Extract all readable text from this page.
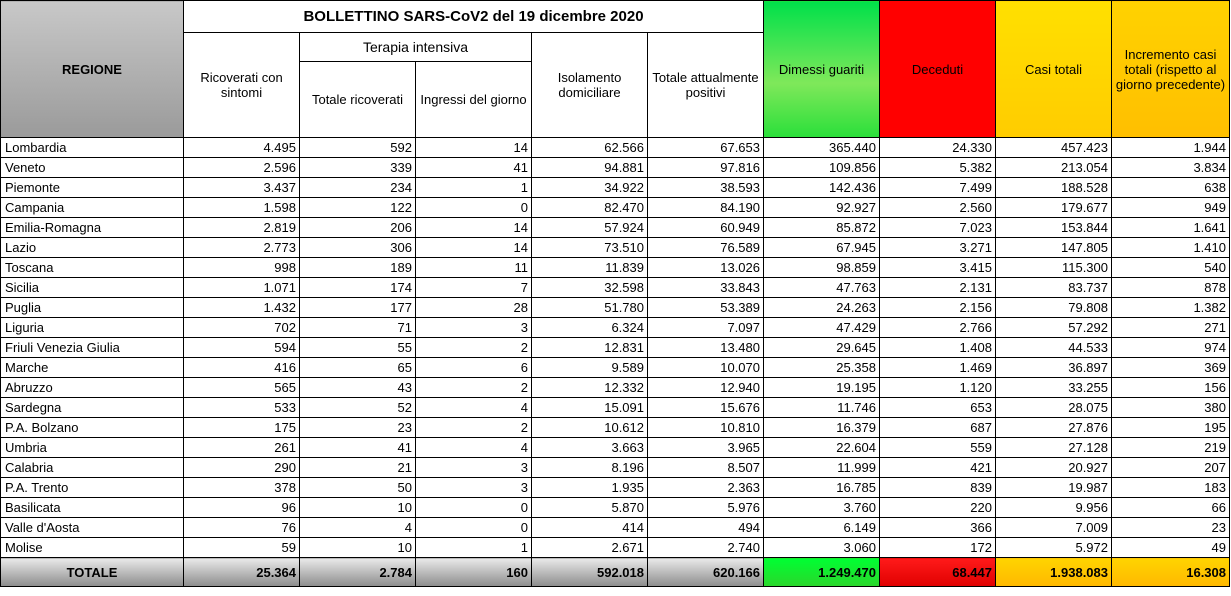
REGIONE	BOLLETTINO SARS-CoV2 del 19 dicembre 2020					Dimessi guariti	Deceduti	Casi totali	Incremento casi totali (rispetto al giorno precedente)
	Ricoverati con sintomi	Terapia intensiva		Isolamento domiciliare	Totale attualmente positivi				
		Totale ricoverati	Ingressi del giorno						
Lombardia	4.495	592	14	62.566	67.653	365.440	24.330	457.423	1.944
Veneto	2.596	339	41	94.881	97.816	109.856	5.382	213.054	3.834
Piemonte	3.437	234	1	34.922	38.593	142.436	7.499	188.528	638
Campania	1.598	122	0	82.470	84.190	92.927	2.560	179.677	949
Emilia-Romagna	2.819	206	14	57.924	60.949	85.872	7.023	153.844	1.641
Lazio	2.773	306	14	73.510	76.589	67.945	3.271	147.805	1.410
Toscana	998	189	11	11.839	13.026	98.859	3.415	115.300	540
Sicilia	1.071	174	7	32.598	33.843	47.763	2.131	83.737	878
Puglia	1.432	177	28	51.780	53.389	24.263	2.156	79.808	1.382
Liguria	702	71	3	6.324	7.097	47.429	2.766	57.292	271
Friuli Venezia Giulia	594	55	2	12.831	13.480	29.645	1.408	44.533	974
Marche	416	65	6	9.589	10.070	25.358	1.469	36.897	369
Abruzzo	565	43	2	12.332	12.940	19.195	1.120	33.255	156
Sardegna	533	52	4	15.091	15.676	11.746	653	28.075	380
P.A. Bolzano	175	23	2	10.612	10.810	16.379	687	27.876	195
Umbria	261	41	4	3.663	3.965	22.604	559	27.128	219
Calabria	290	21	3	8.196	8.507	11.999	421	20.927	207
P.A. Trento	378	50	3	1.935	2.363	16.785	839	19.987	183
Basilicata	96	10	0	5.870	5.976	3.760	220	9.956	66
Valle d'Aosta	76	4	0	414	494	6.149	366	7.009	23
Molise	59	10	1	2.671	2.740	3.060	172	5.972	49
TOTALE	25.364	2.784	160	592.018	620.166	1.249.470	68.447	1.938.083	16.308
